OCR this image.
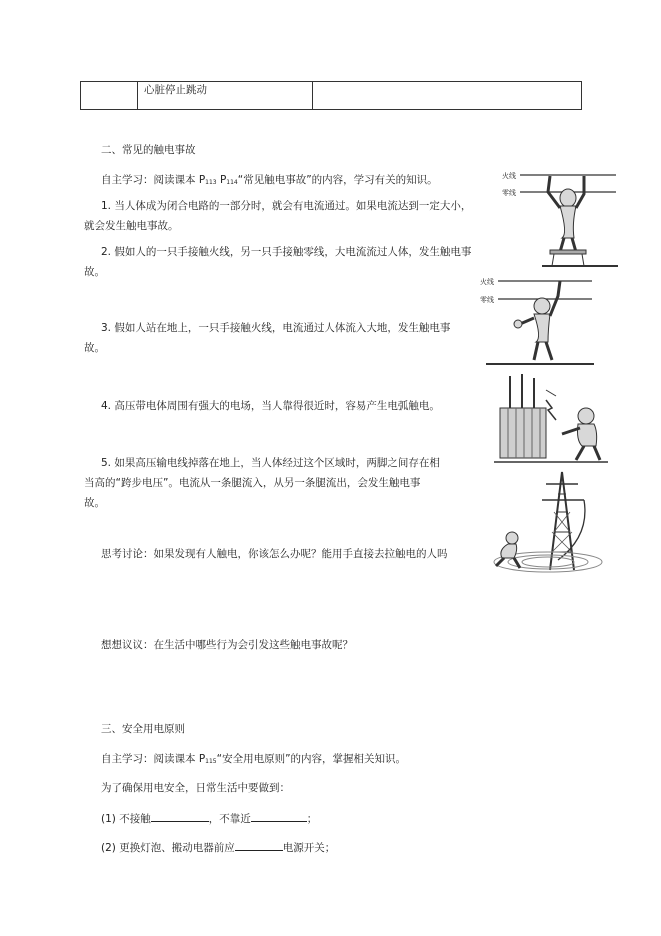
	心脏停止跳动	
二、常见的触电事故
自主学习：阅读课本 $P_{113}$ $P_{114}“$常见触电事故”的内容，学习有关的知识。
1. 当人体成为闭合电路的一部分时，就会有电流通过。如果电流达到一定大小，
就会发生触电事故。
2. 假如人的一只手接触火线，另一只手接触零线，大电流流过人体，发生触电事
故。
3. 假如人站在地上，一只手接触火线，电流通过人体流入大地，发生触电事
故。
4. 高压带电体周围有强大的电场，当人靠得很近时，容易产生电弧触电。
5. 如果高压输电线掉落在地上，当人体经过这个区域时，两脚之间存在相
当高的“跨步电压”。电流从一条腿流入，从另一条腿流出，会发生触电事
故。
思考讨论：如果发现有人触电，你该怎么办呢？能用手直接去拉触电的人吗
想想议议：在生活中哪些行为会引发这些触电事故呢？
三、安全用电原则
自主学习：阅读课本 $P_{115}“$安全用电原则”的内容，掌握相关知识。
为了确保用电安全，日常生活中要做到：
(1) 不接触	，不靠近	；
(2) 更换灯泡、搬动电器前应	电源开关；
火线
零线
火线
零线
